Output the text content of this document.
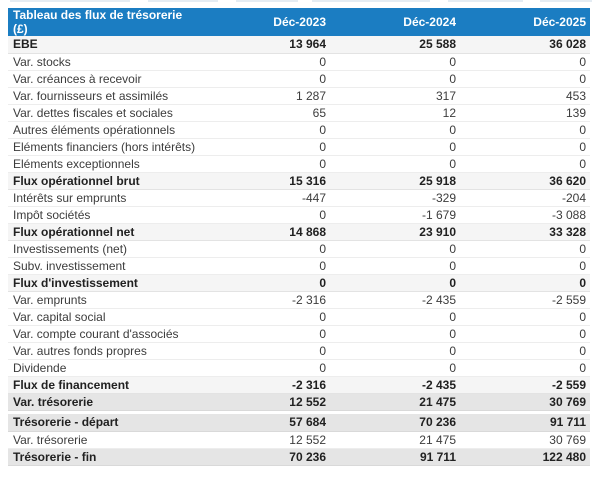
Tableau des flux de trésorerie (£)	Déc-2023	Déc-2024	Déc-2025
EBE	13 964	25 588	36 028
Var. stocks	0	0	0
Var. créances à recevoir	0	0	0
Var. fournisseurs et assimilés	1 287	317	453
Var. dettes fiscales et sociales	65	12	139
Autres éléments opérationnels	0	0	0
Eléments financiers (hors intérêts)	0	0	0
Eléments exceptionnels	0	0	0
Flux opérationnel brut	15 316	25 918	36 620
Intérêts sur emprunts	-447	-329	-204
Impôt sociétés	0	-1 679	-3 088
Flux opérationnel net	14 868	23 910	33 328
Investissements (net)	0	0	0
Subv. investissement	0	0	0
Flux d'investissement	0	0	0
Var. emprunts	-2 316	-2 435	-2 559
Var. capital social	0	0	0
Var. compte courant d'associés	0	0	0
Var. autres fonds propres	0	0	0
Dividende	0	0	0
Flux de financement	-2 316	-2 435	-2 559
Var. trésorerie	12 552	21 475	30 769

Trésorerie - départ	57 684	70 236	91 711
Var. trésorerie	12 552	21 475	30 769
Trésorerie - fin	70 236	91 711	122 480
